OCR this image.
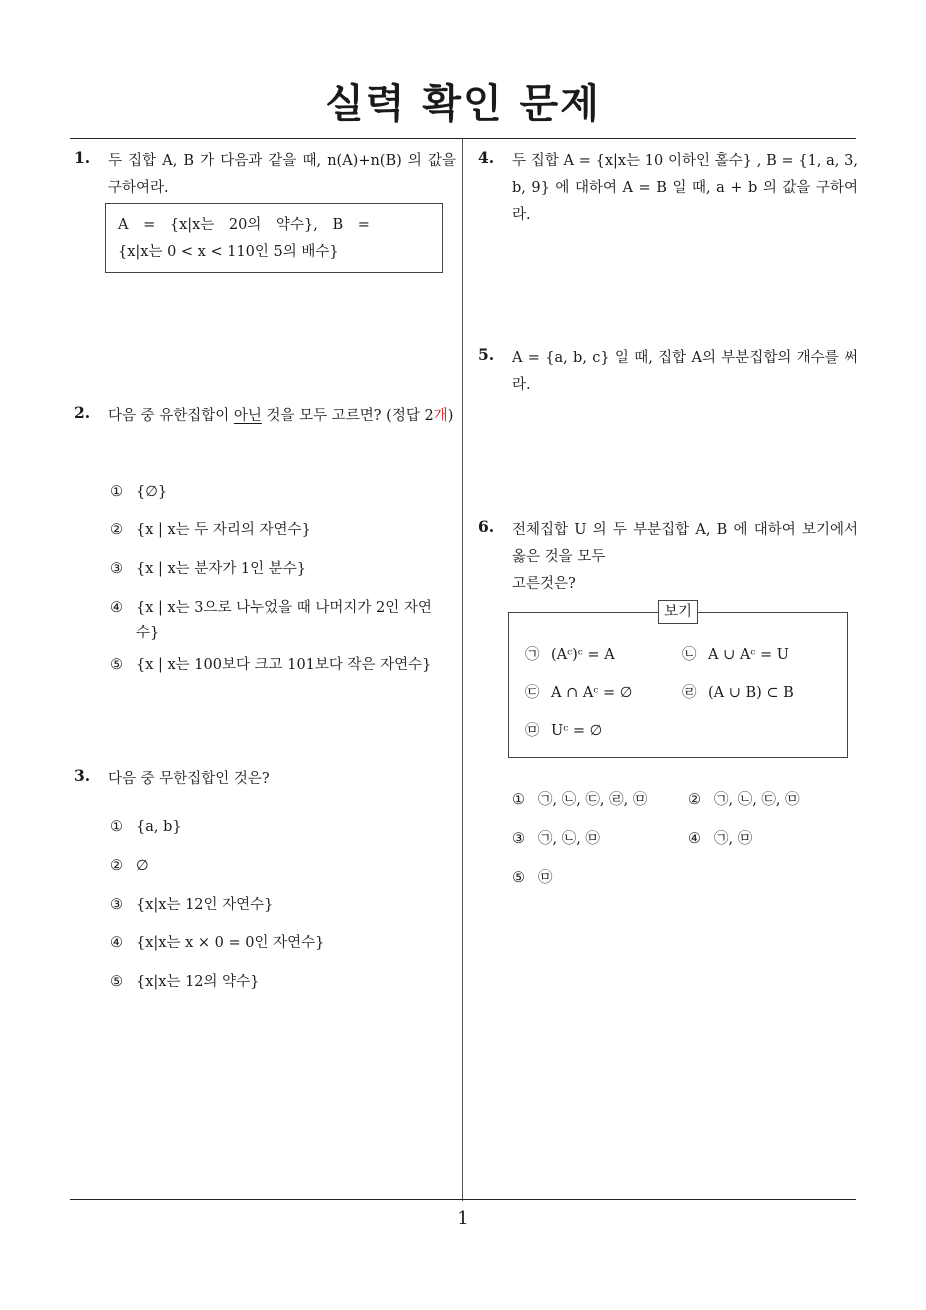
실력 확인 문제
1
1. 두 집합 A, B 가 다음과 같을 때, n(A)+n(B) 의 값을 구하여라.
A = {x|x는 20의 약수}, B =
{x|x는 0 < x < 110인 5의 배수}
2. 다음 중 유한집합이 아닌 것을 모두 고르면? (정답 2개)
① {∅}
② {x | x는 두 자리의 자연수}
③ {x | x는 분자가 1인 분수}
④ {x | x는 3으로 나누었을 때 나머지가 2인 자연수}
⑤ {x | x는 100보다 크고 101보다 작은 자연수}
3. 다음 중 무한집합인 것은?
① {a, b}
② ∅
③ {x|x는 12인 자연수}
④ {x|x는 x × 0 = 0인 자연수}
⑤ {x|x는 12의 약수}
4. 두 집합 A = {x|x는 10 이하인 홀수} , B = {1, a, 3, b, 9} 에 대하여 A = B 일 때, a + b 의 값을 구하여라.
5. A = {a, b, c} 일 때, 집합 A의 부분집합의 개수를 써라.
6. 전체집합 U 의 두 부분집합 A, B 에 대하여 보기에서 옳은 것을 모두
고른것은?
보기
㉠ (Aᶜ)ᶜ = A	㉡ A ∪ Aᶜ = U
㉢ A ∩ Aᶜ = ∅	㉣ (A ∪ B) ⊂ B
㉤ Uᶜ = ∅
① ㉠, ㉡, ㉢, ㉣, ㉤	② ㉠, ㉡, ㉢, ㉤
③ ㉠, ㉡, ㉤	④ ㉠, ㉤
⑤ ㉤
